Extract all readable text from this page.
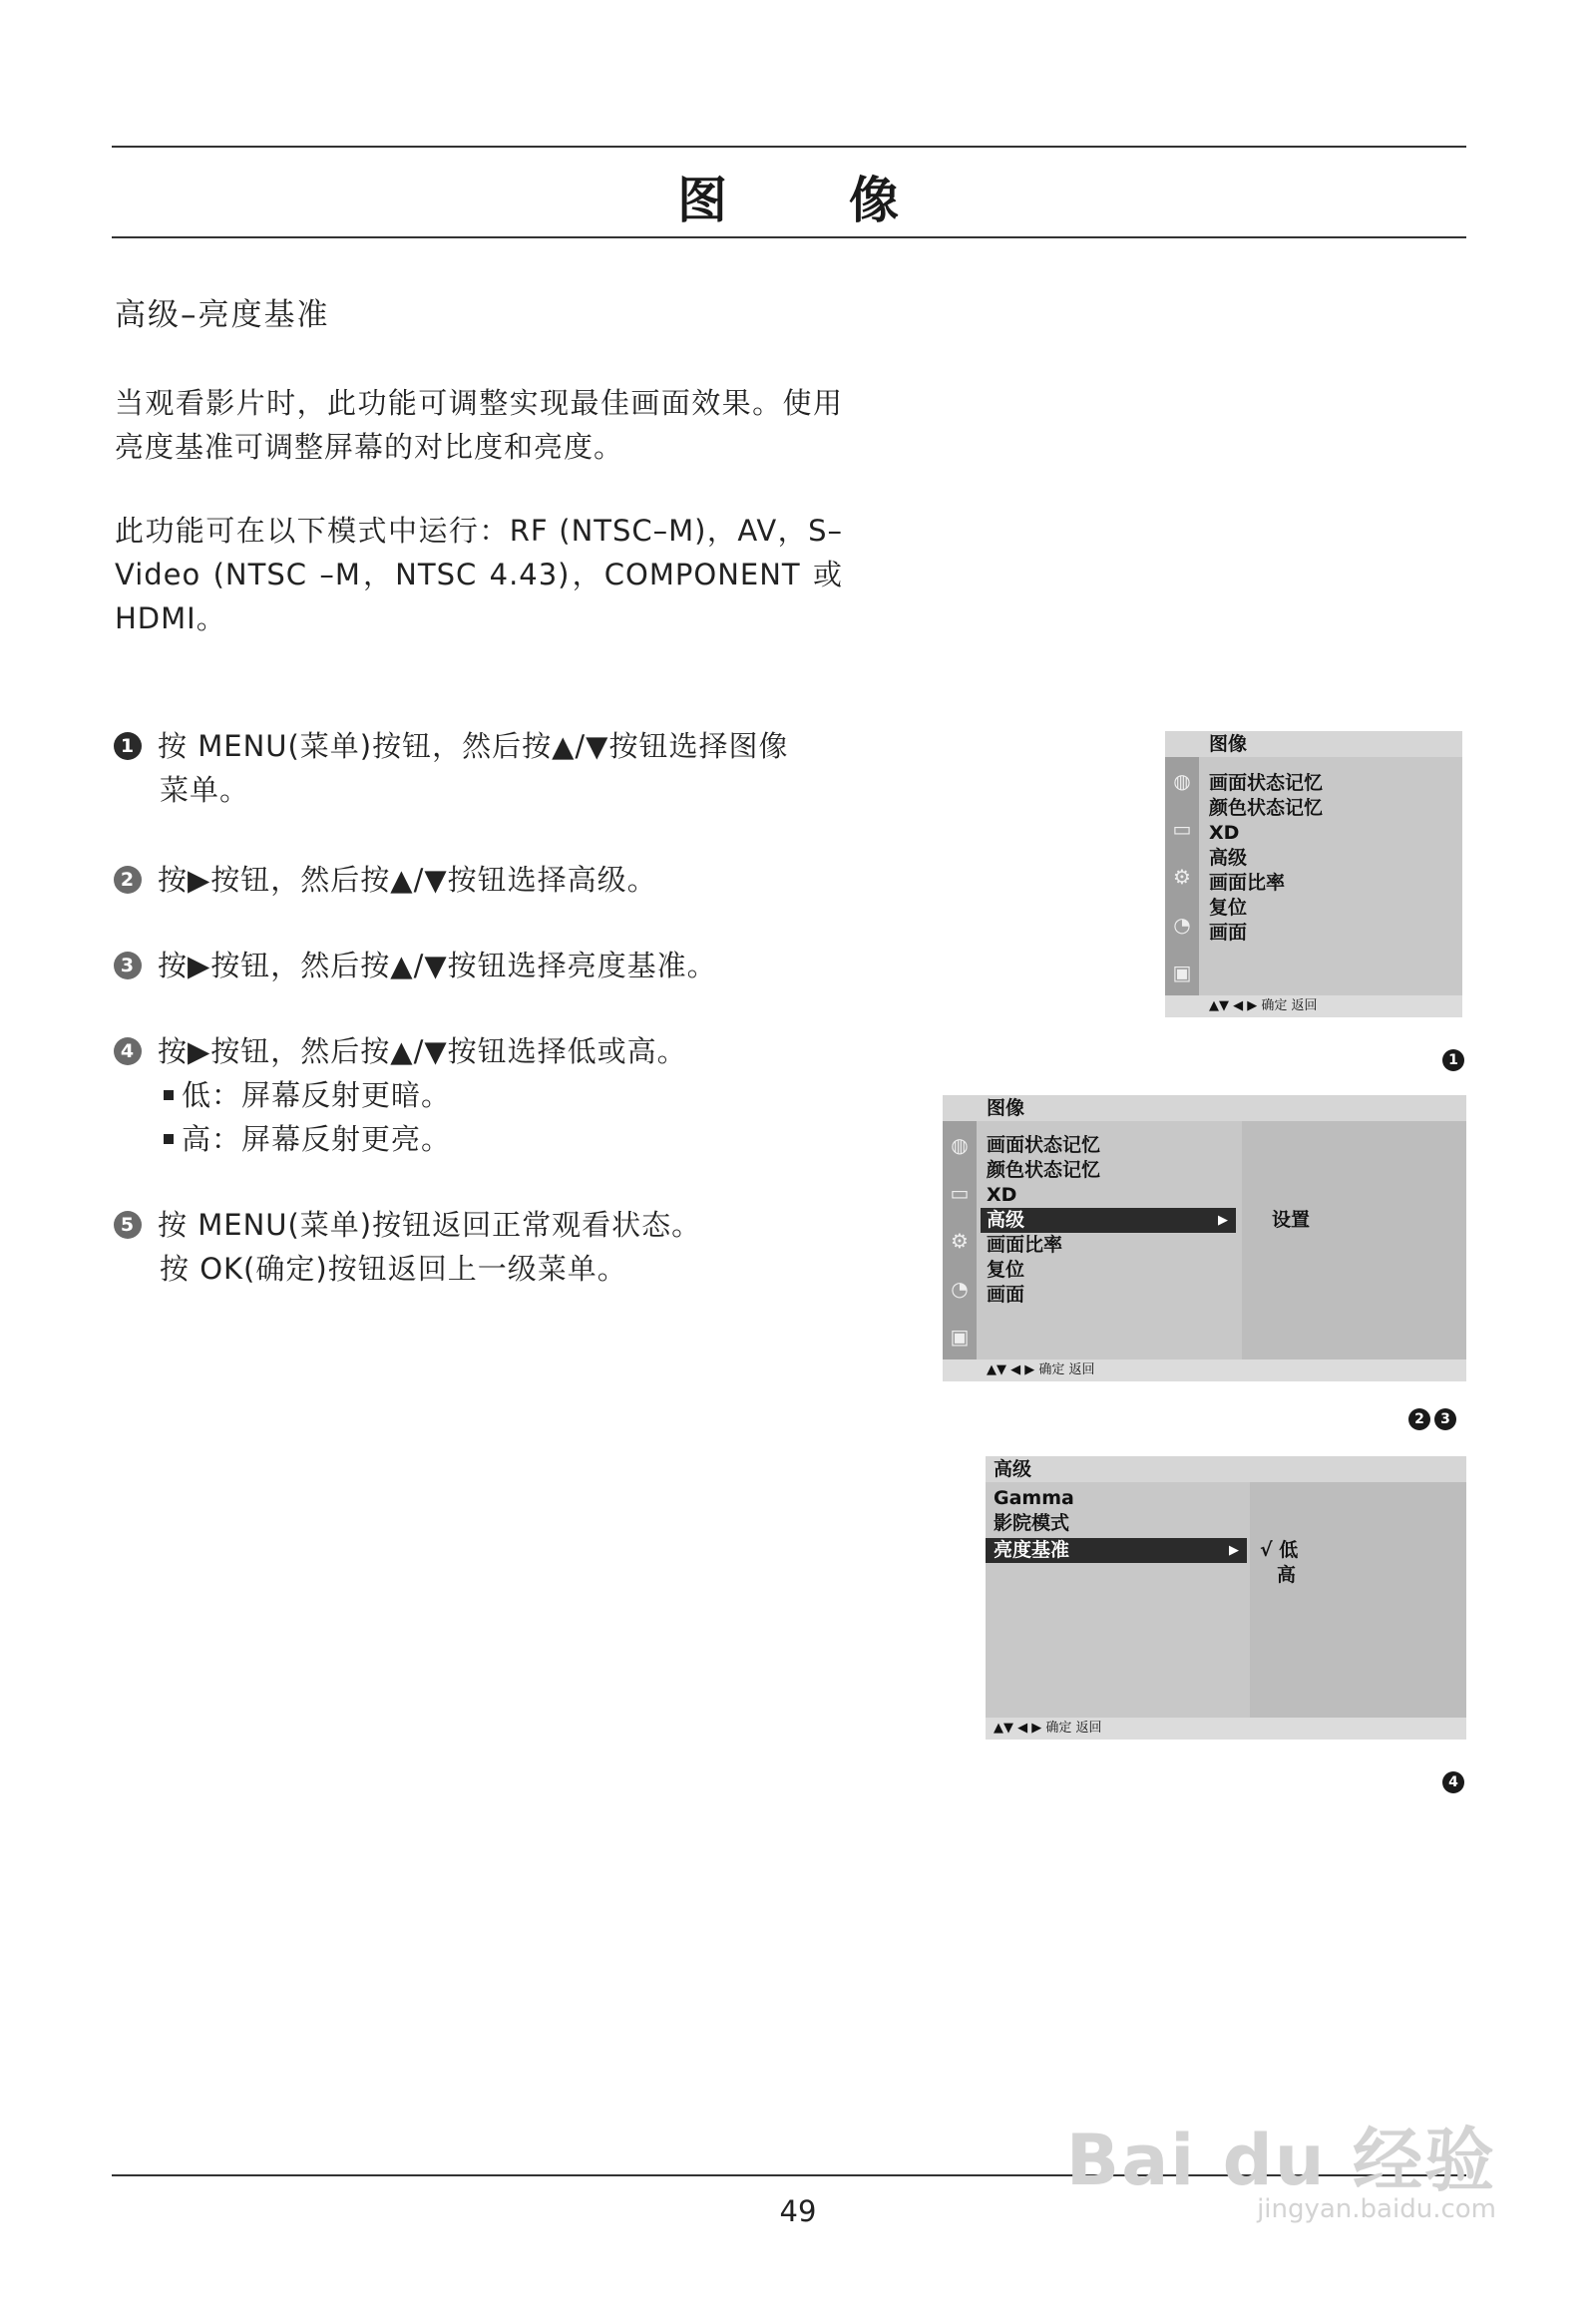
图 像
高级–亮度基准
当观看影片时，此功能可调整实现最佳画面效果。使用亮度基准可调整屏幕的对比度和亮度。
此功能可在以下模式中运行：RF (NTSC–M)，AV，S–Video (NTSC –M，NTSC 4.43)，COMPONENT 或HDMI。
1 按 MENU(菜单)按钮，然后按▲/▼按钮选择图像
菜单。
2 按▶按钮，然后按▲/▼按钮选择高级。
3 按▶按钮，然后按▲/▼按钮选择亮度基准。
4 按▶按钮，然后按▲/▼按钮选择低或高。
低：屏幕反射更暗。
高：屏幕反射更亮。
5 按 MENU(菜单)按钮返回正常观看状态。
按 OK(确定)按钮返回上一级菜单。
图像
◍
▭
⚙
◔
▣
画面状态记忆
颜色状态记忆
XD
高级
画面比率
复位
画面
▲▼ ◀ ▶ 确定 返回
1
图像
◍
▭
⚙
◔
▣
画面状态记忆
颜色状态记忆
XD
高级	▶	设置
画面比率
复位
画面
▲▼ ◀ ▶ 确定 返回
2	3
高级
Gamma
影院模式
亮度基准	▶	√ 低
高
▲▼ ◀ ▶ 确定 返回
4
49
Bai du 经验
jingyan.baidu.com
